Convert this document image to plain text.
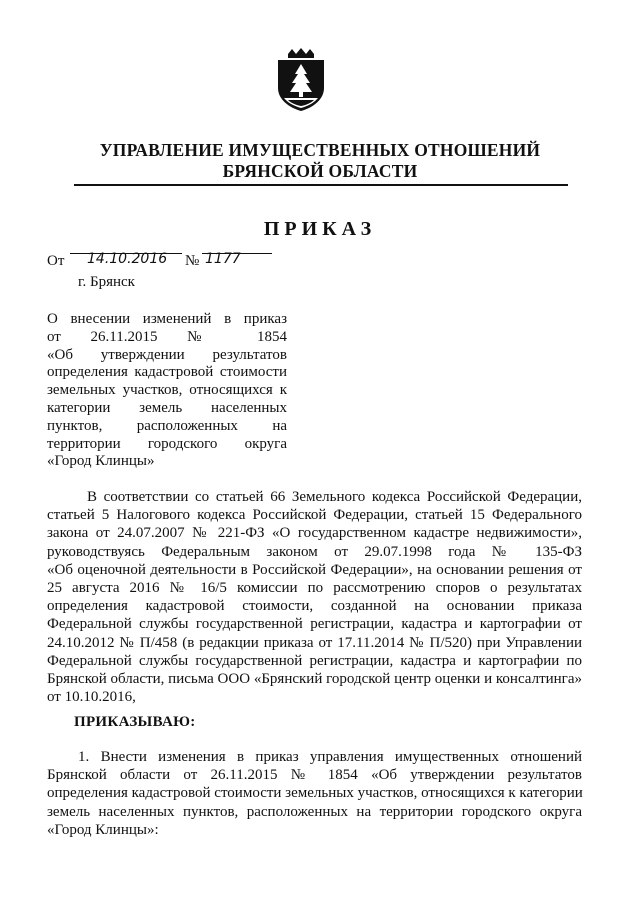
УПРАВЛЕНИЕ ИМУЩЕСТВЕННЫХ ОТНОШЕНИЙ
БРЯНСКОЙ ОБЛАСТИ
ПРИКАЗ
От 14.10.2016 № 1177
г. Брянск
О внесении изменений в приказ
от 26.11.2015 № 1854
«Об утверждении результатов
определения кадастровой стоимости
земельных участков, относящихся к
категории земель населенных
пунктов, расположенных на
территории городского округа
«Город Клинцы»
В соответствии со статьей 66 Земельного кодекса Российской Федерации,
статьей 5 Налогового кодекса Российской Федерации, статьей 15 Федерального
закона от 24.07.2007 № 221-ФЗ «О государственном кадастре недвижимости»,
руководствуясь Федеральным законом от 29.07.1998 года № 135-ФЗ
«Об оценочной деятельности в Российской Федерации», на основании решения от
25 августа 2016 № 16/5 комиссии по рассмотрению споров о результатах
определения кадастровой стоимости, созданной на основании приказа
Федеральной службы государственной регистрации, кадастра и картографии от
24.10.2012 № П/458 (в редакции приказа от 17.11.2014 № П/520) при Управлении
Федеральной службы государственной регистрации, кадастра и картографии по
Брянской области, письма ООО «Брянский городской центр оценки и консалтинга»
от 10.10.2016,
ПРИКАЗЫВАЮ:
1. Внести изменения в приказ управления имущественных отношений
Брянской области от 26.11.2015 № 1854 «Об утверждении результатов
определения кадастровой стоимости земельных участков, относящихся к категории
земель населенных пунктов, расположенных на территории городского округа
«Город Клинцы»:
